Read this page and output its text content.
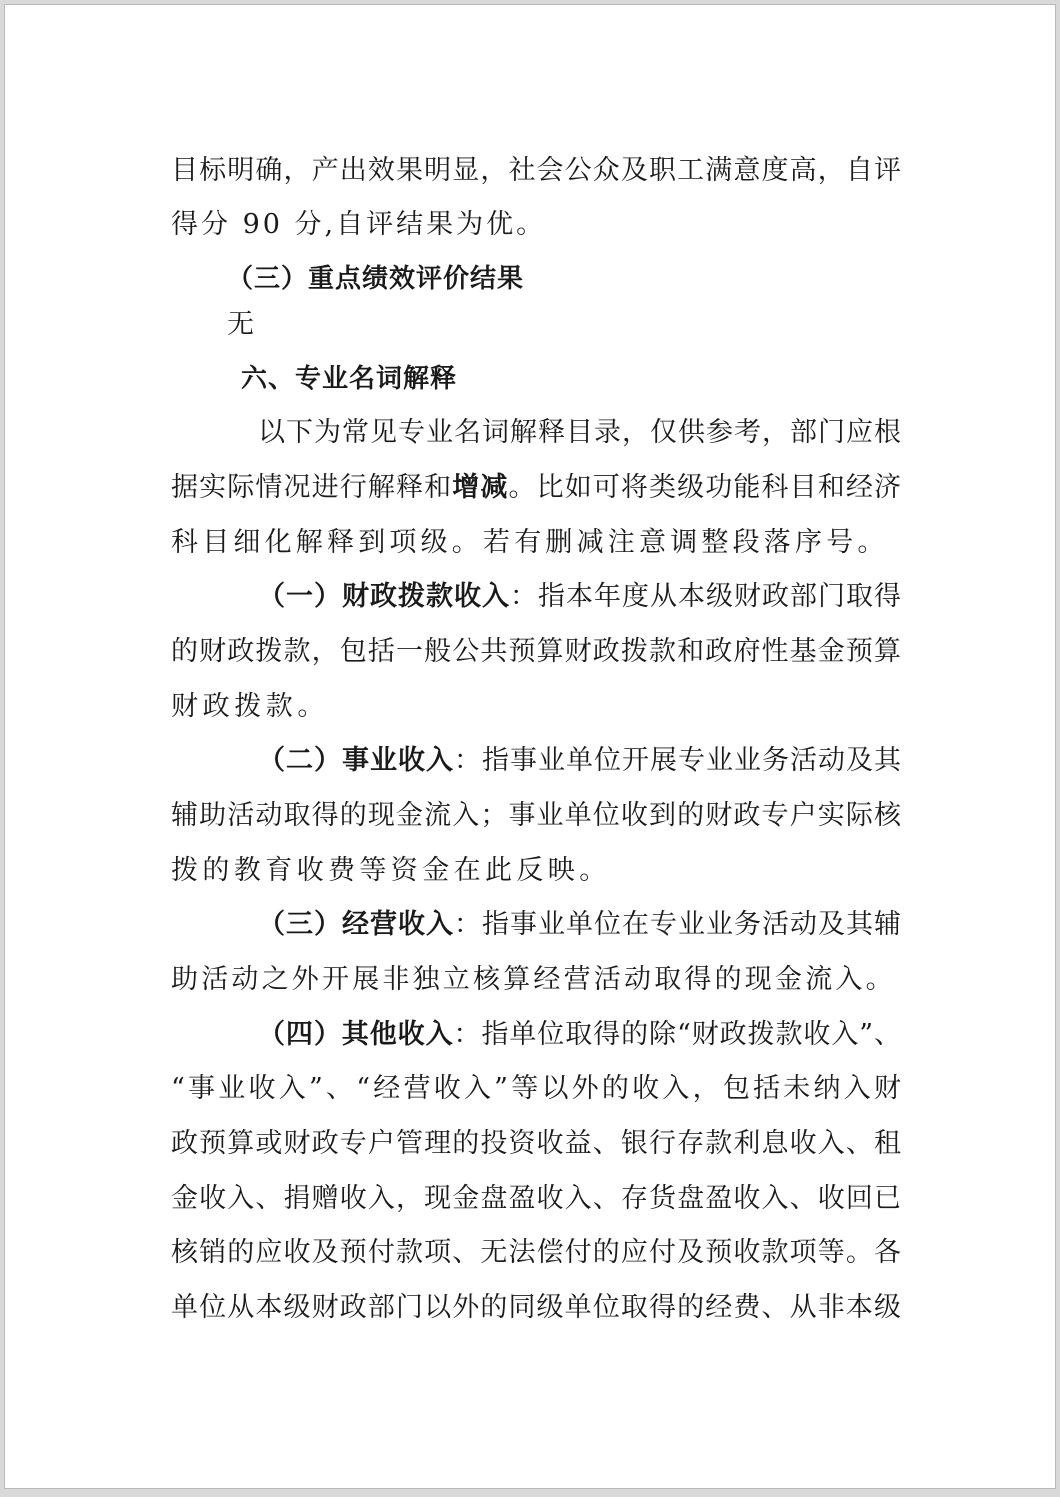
目标明确，产出效果明显，社会公众及职工满意度高，自评
得分 90 分,自评结果为优。
（三）重点绩效评价结果
无
六、专业名词解释
以下为常见专业名词解释目录，仅供参考，部门应根
据实际情况进行解释和增减。比如可将类级功能科目和经济
科目细化解释到项级。若有删减注意调整段落序号。
（一）财政拨款收入：指本年度从本级财政部门取得
的财政拨款，包括一般公共预算财政拨款和政府性基金预算
财政拨款。
（二）事业收入：指事业单位开展专业业务活动及其
辅助活动取得的现金流入；事业单位收到的财政专户实际核
拨的教育收费等资金在此反映。
（三）经营收入：指事业单位在专业业务活动及其辅
助活动之外开展非独立核算经营活动取得的现金流入。
（四）其他收入：指单位取得的除“财政拨款收入”、
“事业收入”、“经营收入”等以外的收入，包括未纳入财
政预算或财政专户管理的投资收益、银行存款利息收入、租
金收入、捐赠收入，现金盘盈收入、存货盘盈收入、收回已
核销的应收及预付款项、无法偿付的应付及预收款项等。各
单位从本级财政部门以外的同级单位取得的经费、从非本级
